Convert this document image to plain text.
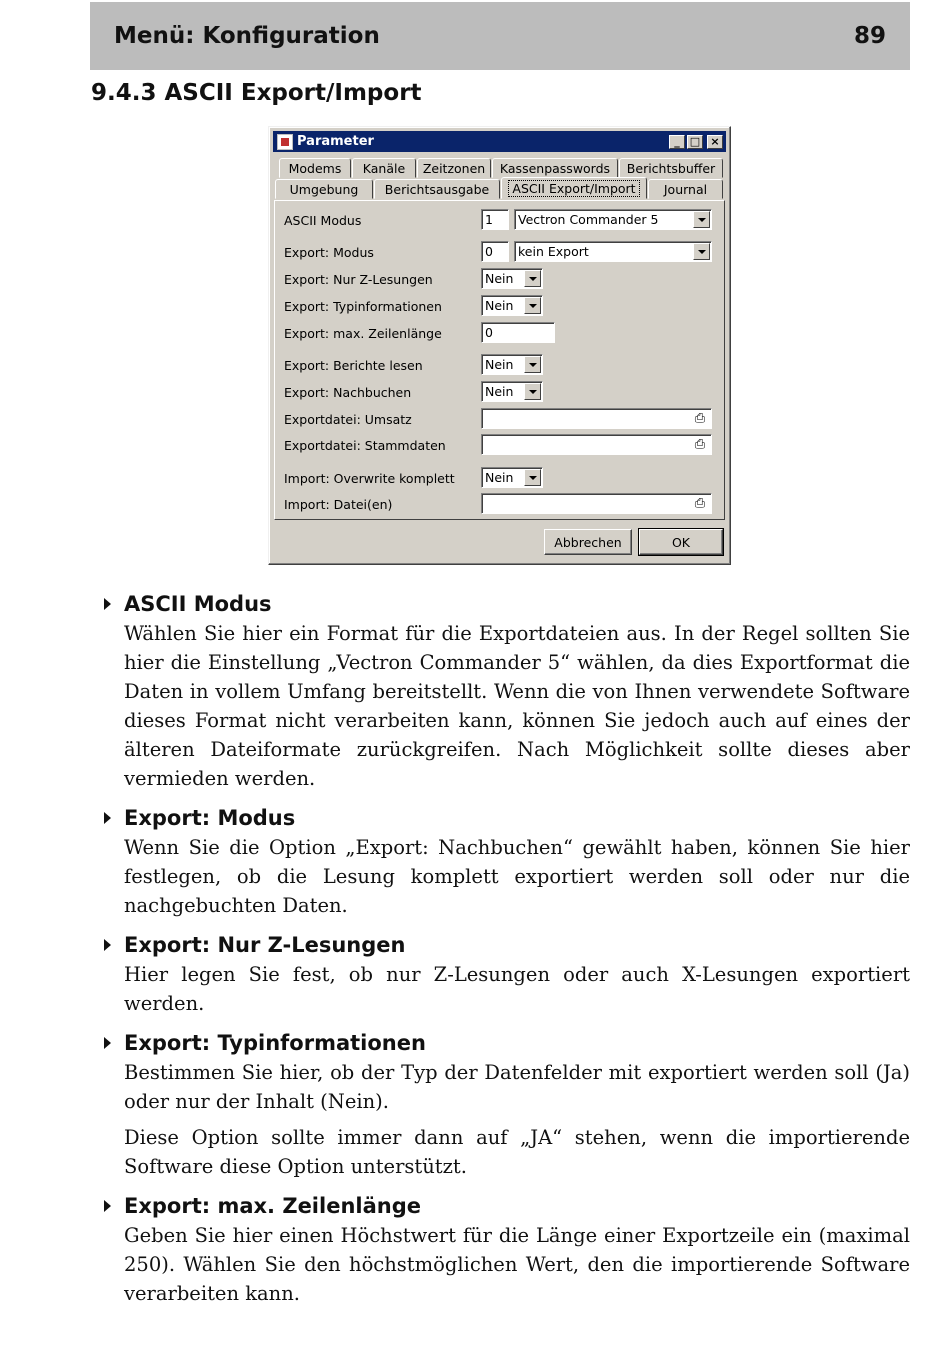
Menü: Konfiguration	89
9.4.3 ASCII Export/Import
Parameter	_ □ ×
Modems Kanäle Zeitzonen Kassenpasswords Berichtsbuffer
Umgebung Berichtsausgabe	ASCII Export/Import	Journal
ASCII Modus	1	Vectron Commander 5
Export: Modus	0	kein Export
Export: Nur Z-Lesungen	Nein
Export: Typinformationen	Nein
Export: max. Zeilenlänge	0
Export: Berichte lesen	Nein
Export: Nachbuchen	Nein
Exportdatei: Umsatz	⎙
Exportdatei: Stammdaten	⎙
Import: Overwrite komplett	Nein
Import: Datei(en)	⎙
Abbrechen	OK
ASCII Modus

Wählen Sie hier ein Format für die Exportdateien aus. In der Regel sollten Sie hier die Einstellung „Vectron Commander 5“ wählen, da dies Exportformat die Daten in vollem Umfang bereitstellt. Wenn die von Ihnen verwendete Software dieses Format nicht verarbeiten kann, können Sie jedoch auch auf eines der älteren Dateiformate zurückgreifen. Nach Möglichkeit sollte dieses aber vermieden werden.

Export: Modus

Wenn Sie die Option „Export: Nachbuchen“ gewählt haben, können Sie hier festlegen, ob die Lesung komplett exportiert werden soll oder nur die nachgebuchten Daten.

Export: Nur Z-Lesungen

Hier legen Sie fest, ob nur Z-Lesungen oder auch X-Lesungen exportiert werden.

Export: Typinformationen

Bestimmen Sie hier, ob der Typ der Datenfelder mit exportiert werden soll (Ja) oder nur der Inhalt (Nein).

Diese Option sollte immer dann auf „JA“ stehen, wenn die importierende Software diese Option unterstützt.

Export: max. Zeilenlänge

Geben Sie hier einen Höchstwert für die Länge einer Exportzeile ein (maximal 250). Wählen Sie den höchstmöglichen Wert, den die importierende Software verarbeiten kann.
